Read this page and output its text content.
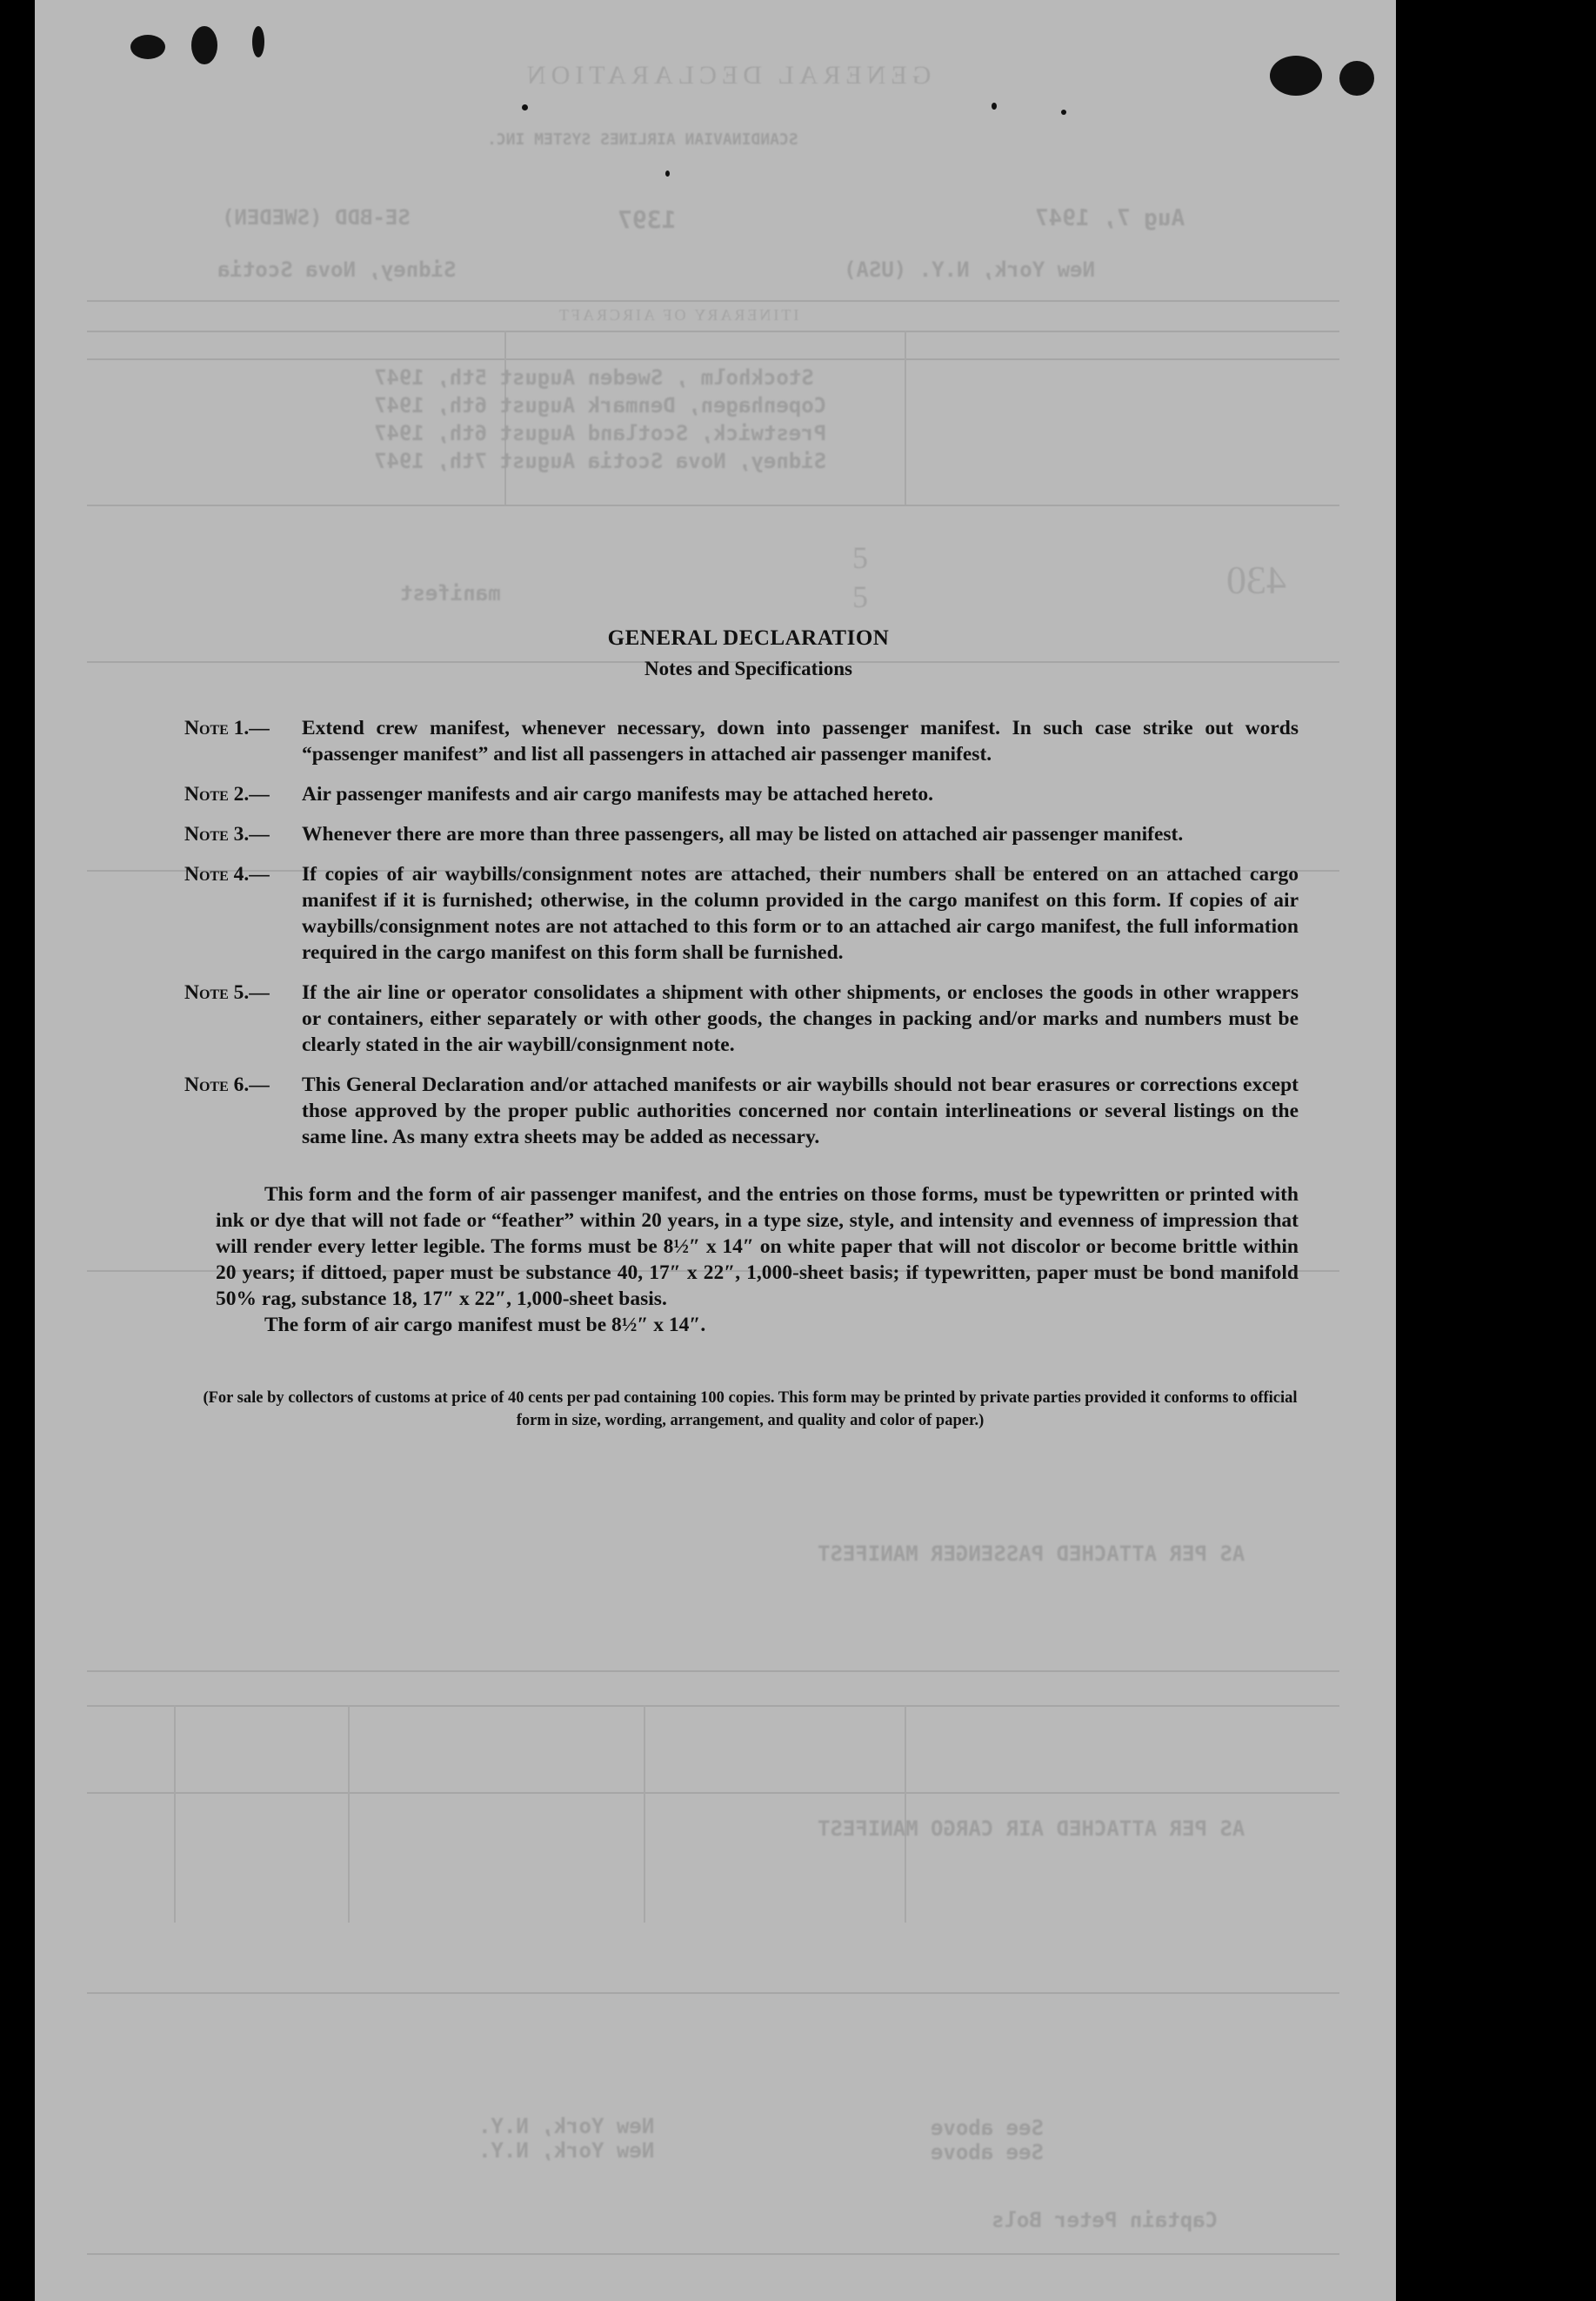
GENERAL DECLARATION
SCANDINAVIAN AIRLINES SYSTEM INC.
SE-BDD (SWEDEN)	1397	Aug 7, 1947
Sidney, Nova Scotia	New York, N.Y. (USA)
ITINERARY OF AIRCRAFT
Stockholm , Sweden August 5th, 1947
Copenhagen, Denmark August 6th, 1947
Prestwick, Scotland August 6th, 1947
Sidney, Nova Scotia August 7th, 1947
5
5
manifest	430
AS PER ATTACHED PASSENGER MANIFEST
AS PER ATTACHED AIR CARGO MANIFEST
New York, N.Y.
New York, N.Y.
See above
See above
Captain Peter Bols
GENERAL DECLARATION
Notes and Specifications
Note 1.—	Extend crew manifest, whenever necessary, down into passenger manifest. In such case strike out words “passenger manifest” and list all passengers in attached air passenger manifest.
Note 2.—	Air passenger manifests and air cargo manifests may be attached hereto.
Note 3.—	Whenever there are more than three passengers, all may be listed on attached air passenger manifest.
Note 4.—	If copies of air waybills/consignment notes are attached, their numbers shall be entered on an attached cargo manifest if it is furnished; otherwise, in the column provided in the cargo manifest on this form. If copies of air waybills/consignment notes are not attached to this form or to an attached air cargo manifest, the full information required in the cargo manifest on this form shall be furnished.
Note 5.—	If the air line or operator consolidates a shipment with other shipments, or encloses the goods in other wrappers or containers, either separately or with other goods, the changes in packing and/or marks and numbers must be clearly stated in the air waybill/consignment note.
Note 6.—	This General Declaration and/or attached manifests or air waybills should not bear erasures or corrections except those approved by the proper public authorities concerned nor contain interlineations or several listings on the same line. As many extra sheets may be added as necessary.
This form and the form of air passenger manifest, and the entries on those forms, must be typewritten or printed with ink or dye that will not fade or “feather” within 20 years, in a type size, style, and intensity and evenness of impression that will render every letter legible. The forms must be 8½″ x 14″ on white paper that will not discolor or become brittle within 20 years; if dittoed, paper must be substance 40, 17″ x 22″, 1,000-sheet basis; if typewritten, paper must be bond manifold 50% rag, substance 18, 17″ x 22″, 1,000-sheet basis.
The form of air cargo manifest must be 8½″ x 14″.
(For sale by collectors of customs at price of 40 cents per pad containing 100 copies. This form may be printed by private parties provided it conforms to official form in size, wording, arrangement, and quality and color of paper.)
